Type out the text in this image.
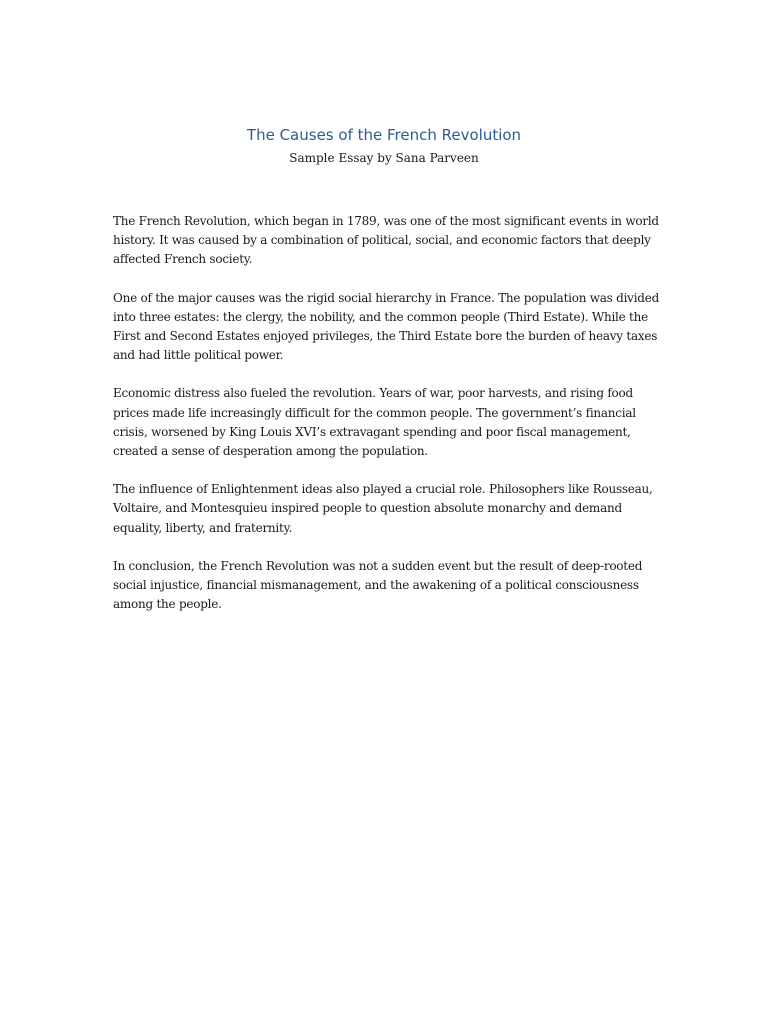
The Causes of the French Revolution
Sample Essay by Sana Parveen

The French Revolution, which began in 1789, was one of the most significant events in world history. It was caused by a combination of political, social, and economic factors that deeply affected French society.

One of the major causes was the rigid social hierarchy in France. The population was divided into three estates: the clergy, the nobility, and the common people (Third Estate). While the First and Second Estates enjoyed privileges, the Third Estate bore the burden of heavy taxes and had little political power.

Economic distress also fueled the revolution. Years of war, poor harvests, and rising food prices made life increasingly difficult for the common people. The government’s financial crisis, worsened by King Louis XVI’s extravagant spending and poor fiscal management, created a sense of desperation among the population.

The influence of Enlightenment ideas also played a crucial role. Philosophers like Rousseau, Voltaire, and Montesquieu inspired people to question absolute monarchy and demand equality, liberty, and fraternity.

In conclusion, the French Revolution was not a sudden event but the result of deep-rooted social injustice, financial mismanagement, and the awakening of a political consciousness among the people.
